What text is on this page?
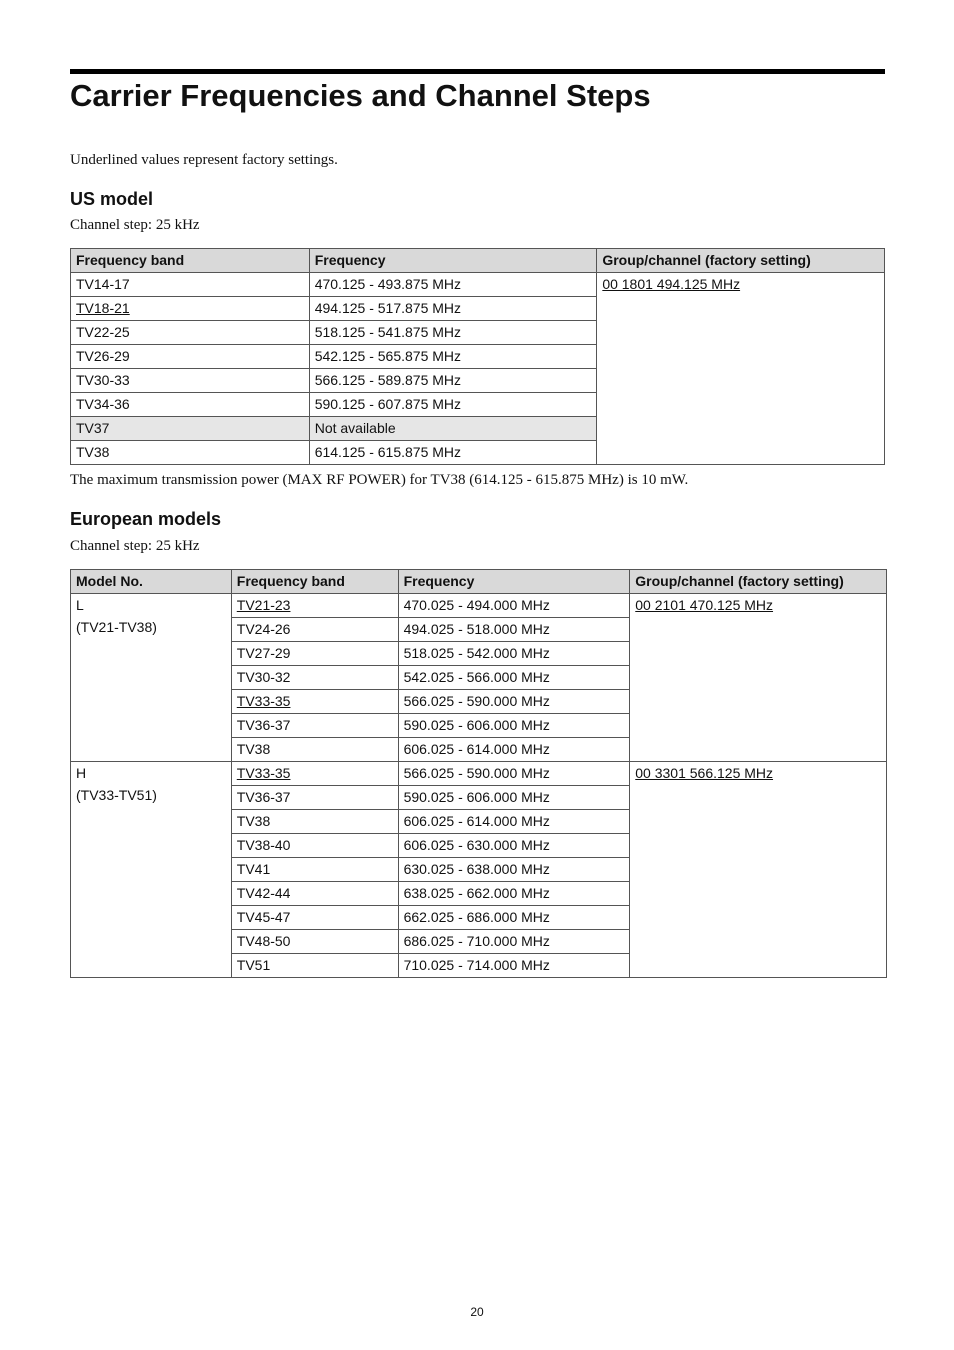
Carrier Frequencies and Channel Steps
Underlined values represent factory settings.
US model
Channel step: 25 kHz
Frequency band	Frequency	Group/channel (factory setting)
TV14-17	470.125 - 493.875 MHz	00 1801 494.125 MHz
TV18-21	494.125 - 517.875 MHz	
TV22-25	518.125 - 541.875 MHz	
TV26-29	542.125 - 565.875 MHz	
TV30-33	566.125 - 589.875 MHz	
TV34-36	590.125 - 607.875 MHz	
TV37	Not available	
TV38	614.125 - 615.875 MHz	
The maximum transmission power (MAX RF POWER) for TV38 (614.125 - 615.875 MHz) is 10 mW.
European models
Channel step: 25 kHz
Model No.	Frequency band	Frequency	Group/channel (factory setting)

L
(TV21-TV38)	TV21-23	470.025 - 494.000 MHz	00 2101 470.125 MHz
	TV24-26	494.025 - 518.000 MHz	
	TV27-29	518.025 - 542.000 MHz	
	TV30-32	542.025 - 566.000 MHz	
	TV33-35	566.025 - 590.000 MHz	
	TV36-37	590.025 - 606.000 MHz	
	TV38	606.025 - 614.000 MHz	

H
(TV33-TV51)	TV33-35	566.025 - 590.000 MHz	00 3301 566.125 MHz
	TV36-37	590.025 - 606.000 MHz	
	TV38	606.025 - 614.000 MHz	
	TV38-40	606.025 - 630.000 MHz	
	TV41	630.025 - 638.000 MHz	
	TV42-44	638.025 - 662.000 MHz	
	TV45-47	662.025 - 686.000 MHz	
	TV48-50	686.025 - 710.000 MHz	
	TV51	710.025 - 714.000 MHz	
20
